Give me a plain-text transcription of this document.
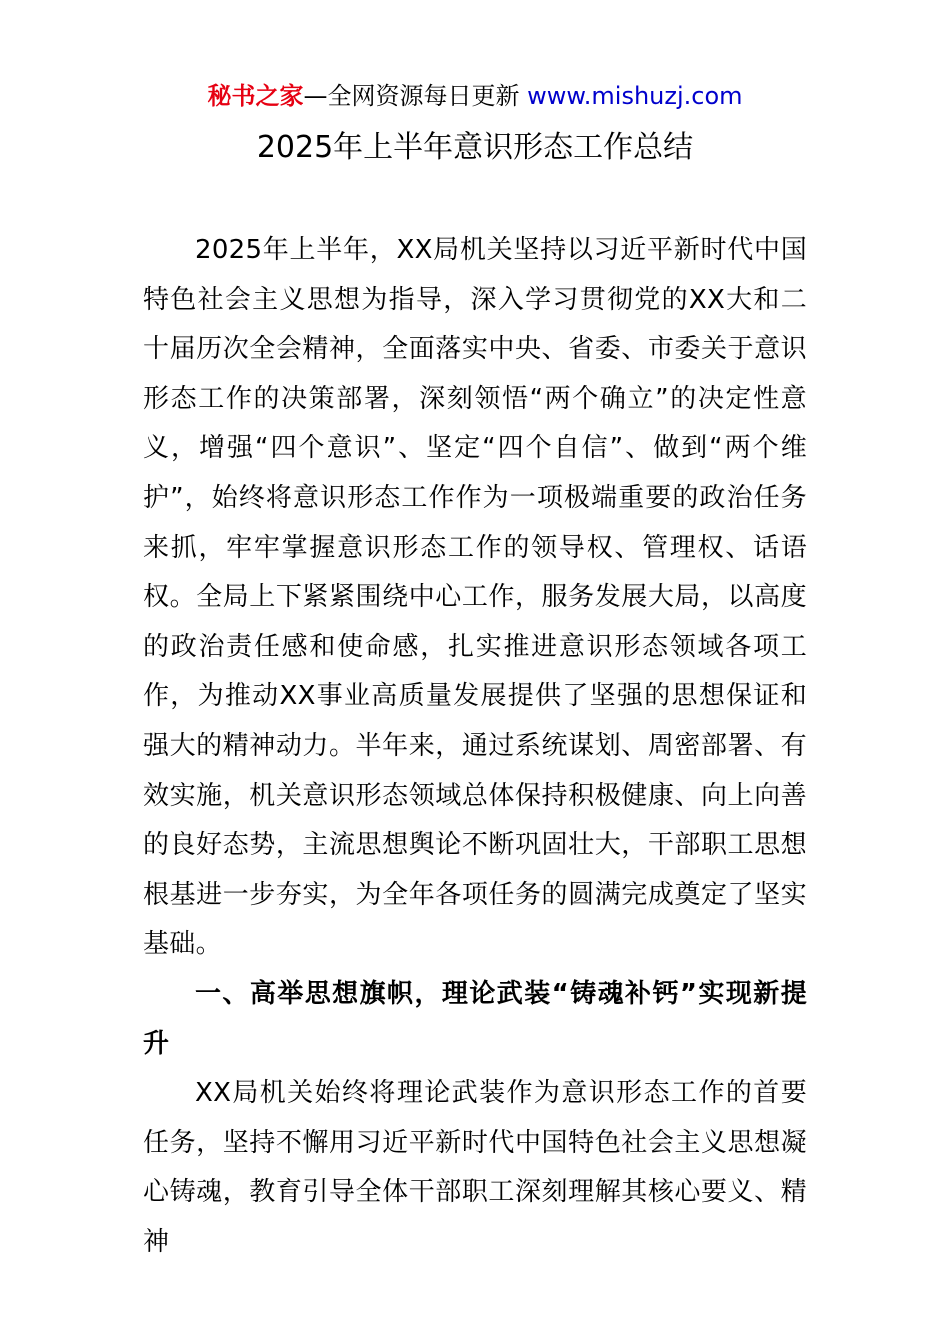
秘书之家—全网资源每日更新 www.mishuzj.com
2025年上半年意识形态工作总结

2025年上半年，XX局机关坚持以习近平新时代中国特色社会主义思想为指导，深入学习贯彻党的XX大和二十届历次全会精神，全面落实中央、省委、市委关于意识形态工作的决策部署，深刻领悟“两个确立”的决定性意义，增强“四个意识”、坚定“四个自信”、做到“两个维护”，始终将意识形态工作作为一项极端重要的政治任务来抓，牢牢掌握意识形态工作的领导权、管理权、话语权。全局上下紧紧围绕中心工作，服务发展大局，以高度的政治责任感和使命感，扎实推进意识形态领域各项工作，为推动XX事业高质量发展提供了坚强的思想保证和强大的精神动力。半年来，通过系统谋划、周密部署、有效实施，机关意识形态领域总体保持积极健康、向上向善的良好态势，主流思想舆论不断巩固壮大，干部职工思想根基进一步夯实，为全年各项任务的圆满完成奠定了坚实基础。

一、高举思想旗帜，理论武装“铸魂补钙”实现新提升

XX局机关始终将理论武装作为意识形态工作的首要任务，坚持不懈用习近平新时代中国特色社会主义思想凝心铸魂，教育引导全体干部职工深刻理解其核心要义、精神
